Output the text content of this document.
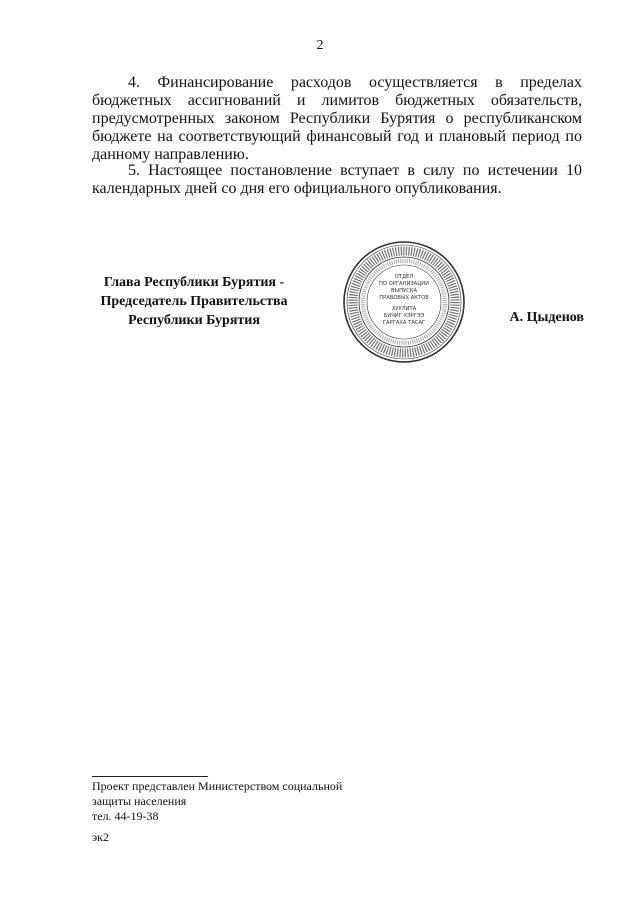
2

4. Финансирование расходов осуществляется в пределах бюджетных ассигнований и лимитов бюджетных обязательств, предусмотренных законом Республики Бурятия о республиканском бюджете на соответствующий финансовый год и плановый период по данному направлению.

5. Настоящее постановление вступает в силу по истечении 10 календарных дней со дня его официального опубликования.

Глава Республики Бурятия -
Председатель Правительства
Республики Бурятия
ОТДЕЛ
ПО ОРГАНИЗАЦИИ
ВЫПУСКА
ПРАВОВЫХ АКТОВ
ХУУЛИТА
БИЧИГ ХЭРГЭЭ
ГАРГАХА ТАСАГ	А. Цыденов
Проект представлен Министерством социальной
защиты населения
тел. 44-19-38
эк2
